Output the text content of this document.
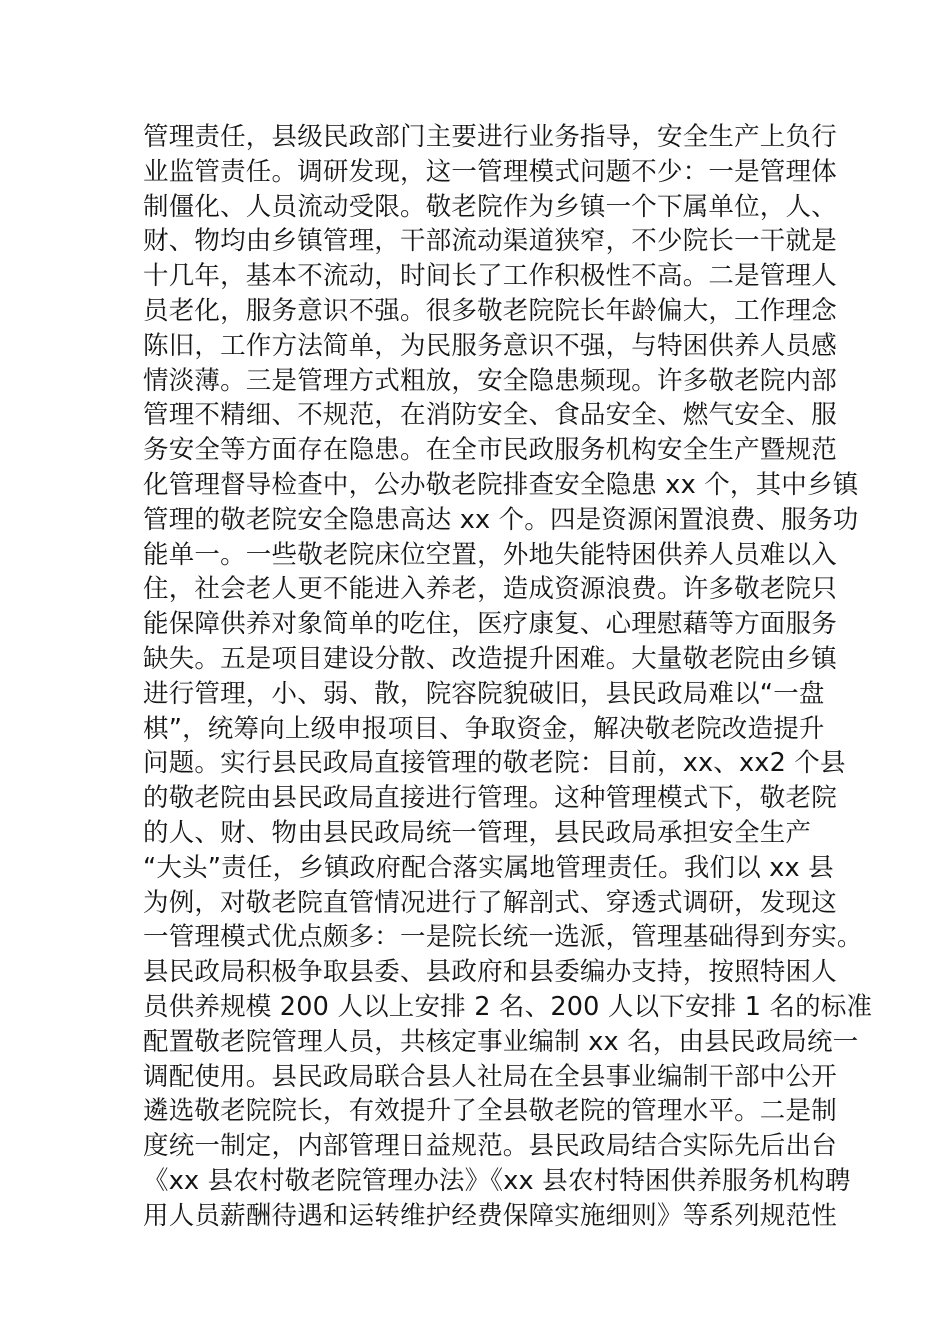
管理责任，县级民政部门主要进行业务指导，安全生产上负行
业监管责任。调研发现，这一管理模式问题不少：一是管理体
制僵化、人员流动受限。敬老院作为乡镇一个下属单位，人、
财、物均由乡镇管理，干部流动渠道狭窄，不少院长一干就是
十几年，基本不流动，时间长了工作积极性不高。二是管理人
员老化，服务意识不强。很多敬老院院长年龄偏大，工作理念
陈旧，工作方法简单，为民服务意识不强，与特困供养人员感
情淡薄。三是管理方式粗放，安全隐患频现。许多敬老院内部
管理不精细、不规范，在消防安全、食品安全、燃气安全、服
务安全等方面存在隐患。在全市民政服务机构安全生产暨规范
化管理督导检查中，公办敬老院排查安全隐患 xx 个，其中乡镇
管理的敬老院安全隐患高达 xx 个。四是资源闲置浪费、服务功
能单一。一些敬老院床位空置，外地失能特困供养人员难以入
住，社会老人更不能进入养老，造成资源浪费。许多敬老院只
能保障供养对象简单的吃住，医疗康复、心理慰藉等方面服务
缺失。五是项目建设分散、改造提升困难。大量敬老院由乡镇
进行管理，小、弱、散，院容院貌破旧，县民政局难以“一盘
棋”，统筹向上级申报项目、争取资金，解决敬老院改造提升
问题。实行县民政局直接管理的敬老院：目前，xx、xx2 个县
的敬老院由县民政局直接进行管理。这种管理模式下，敬老院
的人、财、物由县民政局统一管理，县民政局承担安全生产
“大头”责任，乡镇政府配合落实属地管理责任。我们以 xx 县
为例，对敬老院直管情况进行了解剖式、穿透式调研，发现这
一管理模式优点颇多：一是院长统一选派，管理基础得到夯实。
县民政局积极争取县委、县政府和县委编办支持，按照特困人
员供养规模 200 人以上安排 2 名、200 人以下安排 1 名的标准
配置敬老院管理人员，共核定事业编制 xx 名，由县民政局统一
调配使用。县民政局联合县人社局在全县事业编制干部中公开
遴选敬老院院长，有效提升了全县敬老院的管理水平。二是制
度统一制定，内部管理日益规范。县民政局结合实际先后出台
《xx 县农村敬老院管理办法》《xx 县农村特困供养服务机构聘
用人员薪酬待遇和运转维护经费保障实施细则》等系列规范性
